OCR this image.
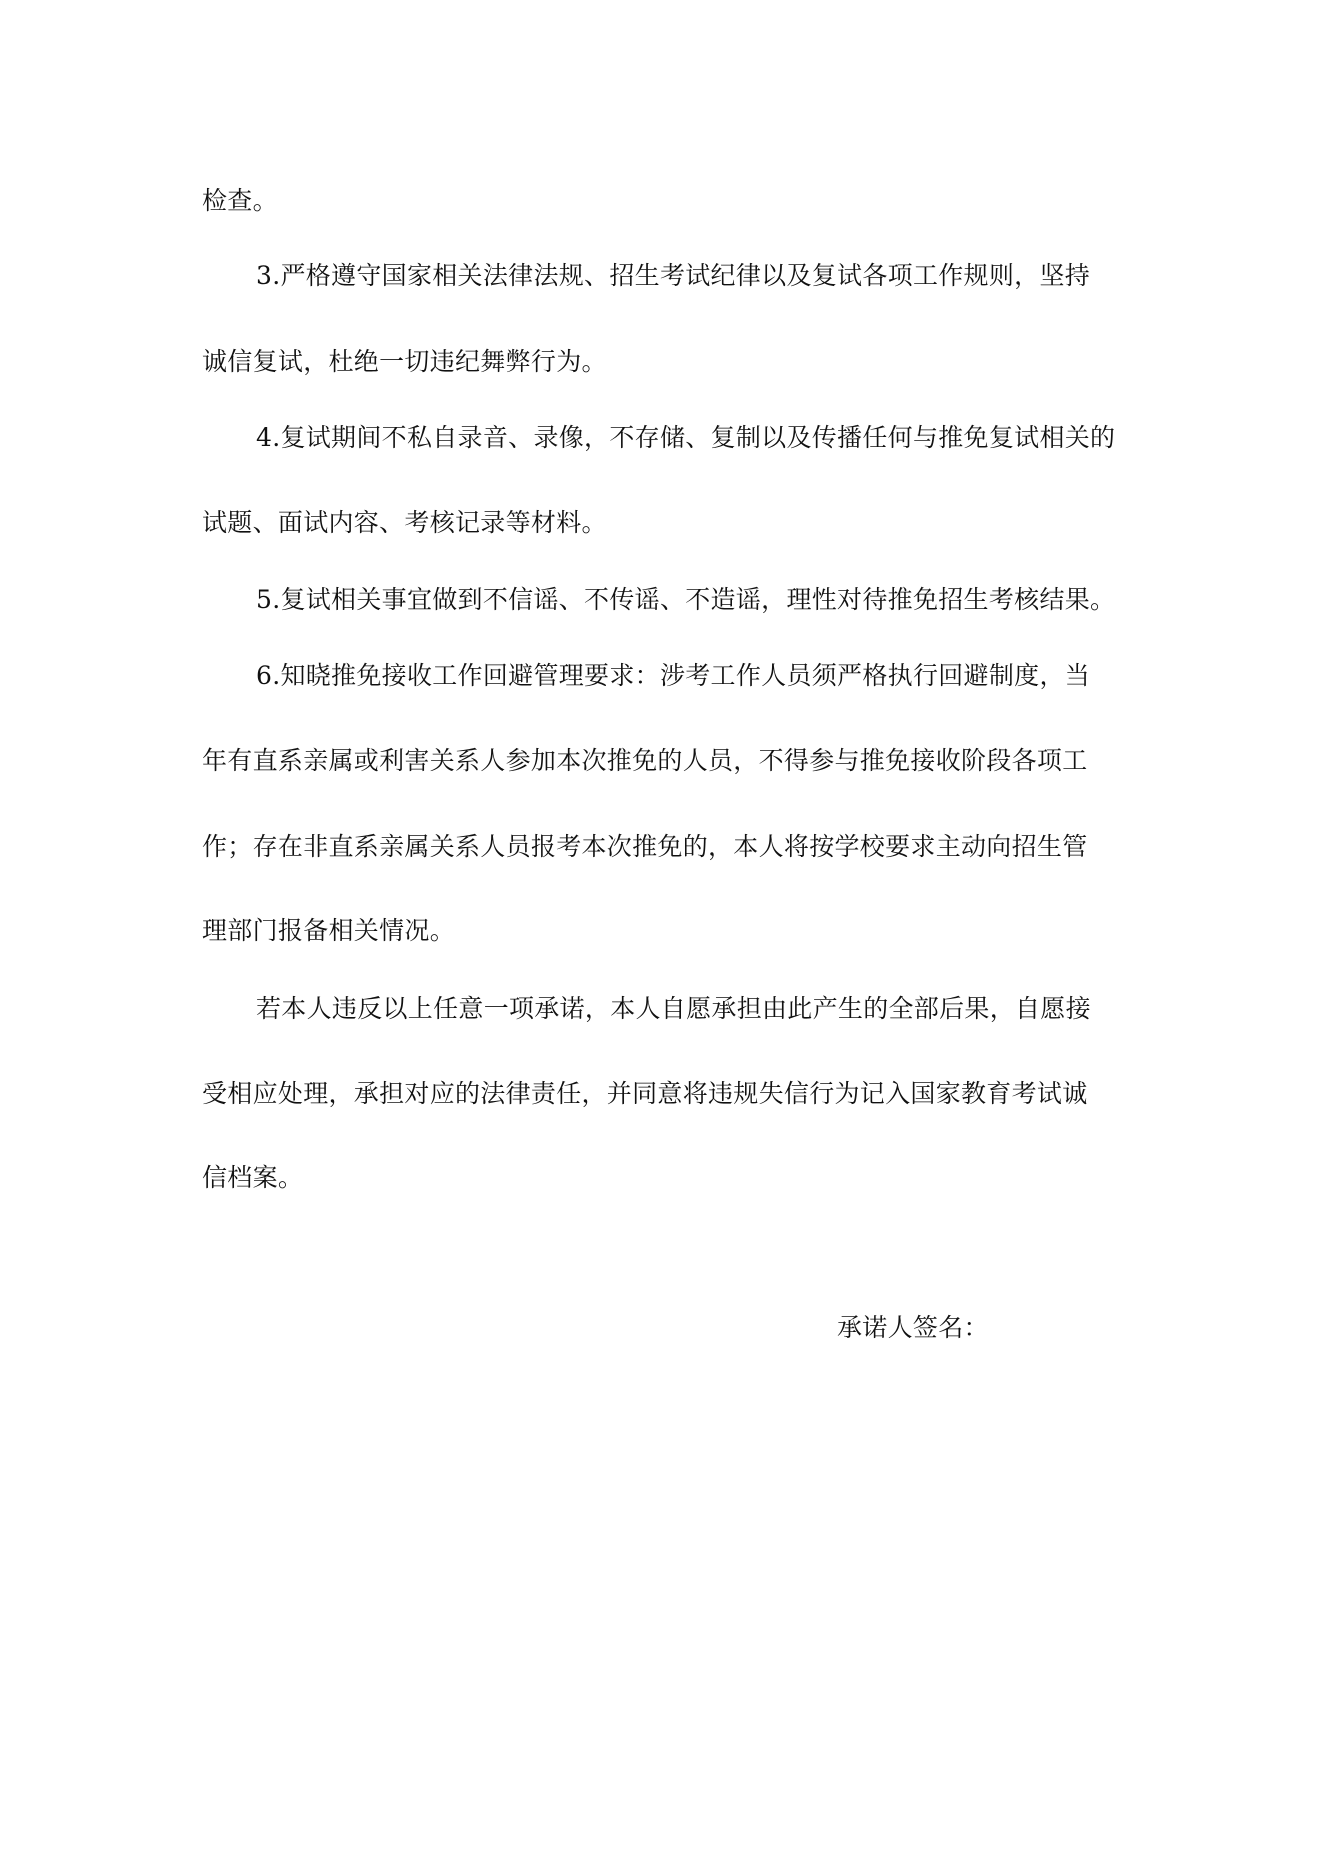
检查。
3.严格遵守国家相关法律法规、招生考试纪律以及复试各项工作规则，坚持
诚信复试，杜绝一切违纪舞弊行为。
4.复试期间不私自录音、录像，不存储、复制以及传播任何与推免复试相关的
试题、面试内容、考核记录等材料。
5.复试相关事宜做到不信谣、不传谣、不造谣，理性对待推免招生考核结果。
6.知晓推免接收工作回避管理要求：涉考工作人员须严格执行回避制度，当
年有直系亲属或利害关系人参加本次推免的人员，不得参与推免接收阶段各项工
作；存在非直系亲属关系人员报考本次推免的，本人将按学校要求主动向招生管
理部门报备相关情况。
若本人违反以上任意一项承诺，本人自愿承担由此产生的全部后果，自愿接
受相应处理，承担对应的法律责任，并同意将违规失信行为记入国家教育考试诚
信档案。
承诺人签名：
